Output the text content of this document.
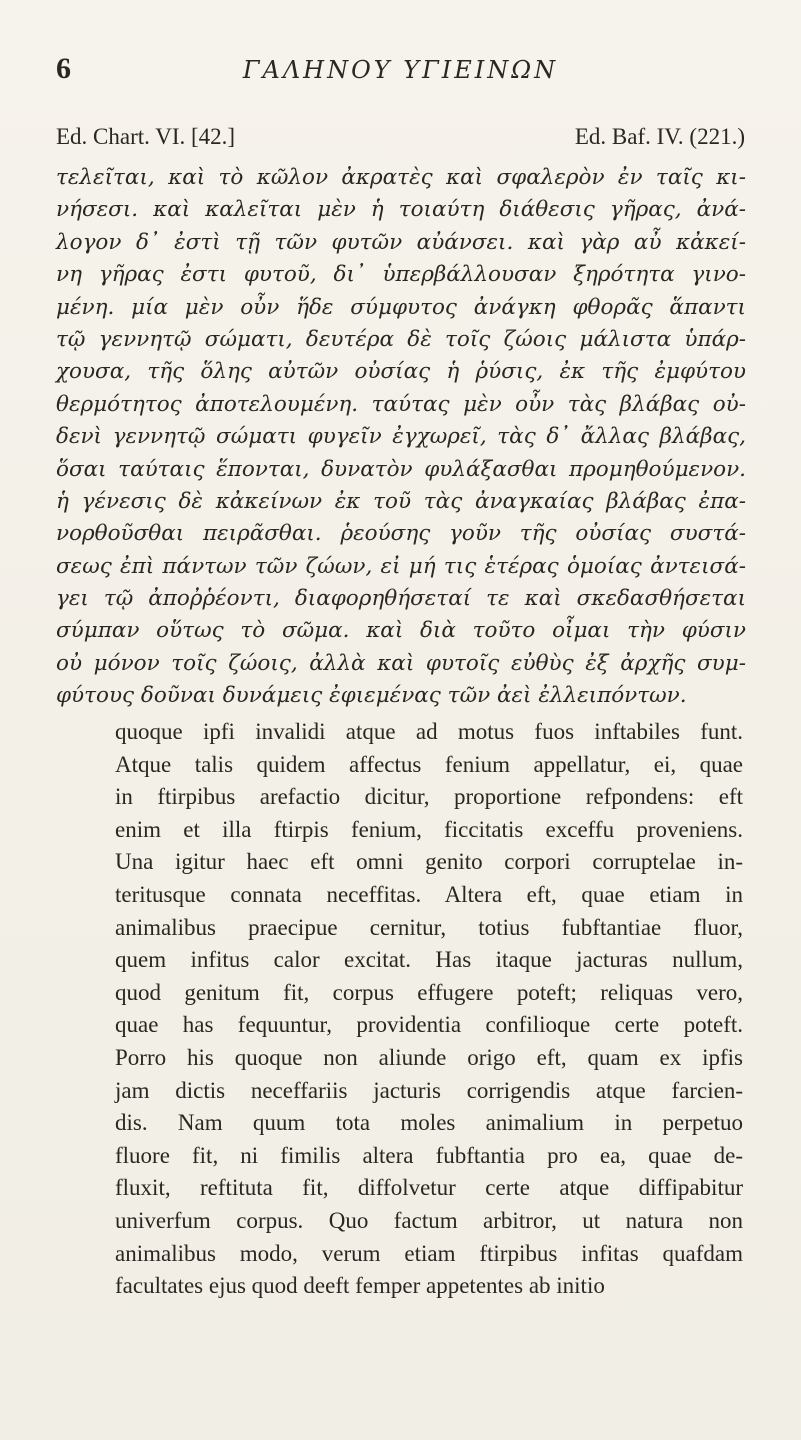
6	ΓΑΛΗΝΟΥ ΥΓΙΕΙΝΩΝ
Ed. Chart. VI. [42.]	Ed. Baf. IV. (221.)
τελεῖται, καὶ τὸ κῶλον ἀκρατὲς καὶ σφαλερὸν ἐν ταῖς κι-
νήσεσι. καὶ καλεῖται μὲν ἡ τοιαύτη διάθεσις γῆρας, ἀνά-
λογον δ᾽ ἐστὶ τῇ τῶν φυτῶν αὐάνσει. καὶ γὰρ αὖ κἀκεί-
νη γῆρας ἐστι φυτοῦ, δι᾽ ὑπερβάλλουσαν ξηρότητα γινο-
μένη. μία μὲν οὖν ἥδε σύμφυτος ἀνάγκη φθορᾶς ἅπαντι
τῷ γεννητῷ σώματι, δευτέρα δὲ τοῖς ζώοις μάλιστα ὑπάρ-
χουσα, τῆς ὅλης αὐτῶν οὐσίας ἡ ῥύσις, ἐκ τῆς ἐμφύτου
θερμότητος ἀποτελουμένη. ταύτας μὲν οὖν τὰς βλάβας οὐ-
δενὶ γεννητῷ σώματι φυγεῖν ἐγχωρεῖ, τὰς δ᾽ ἄλλας βλάβας,
ὅσαι ταύταις ἕπονται, δυνατὸν φυλάξασθαι προμηθούμενον.
ἡ γένεσις δὲ κἀκείνων ἐκ τοῦ τὰς ἀναγκαίας βλάβας ἐπα-
νορθοῦσθαι πειρᾶσθαι. ῥεούσης γοῦν τῆς οὐσίας συστά-
σεως ἐπὶ πάντων τῶν ζώων, εἰ μή τις ἑτέρας ὁμοίας ἀντεισά-
γει τῷ ἀποῤῥέοντι, διαφορηθήσεταί τε καὶ σκεδασθήσεται
σύμπαν οὕτως τὸ σῶμα. καὶ διὰ τοῦτο οἶμαι τὴν φύσιν
οὐ μόνον τοῖς ζώοις, ἀλλὰ καὶ φυτοῖς εὐθὺς ἐξ ἀρχῆς συμ-
φύτους δοῦναι δυνάμεις ἐφιεμένας τῶν ἀεὶ ἐλλειπόντων.
quoque ipfi invalidi atque ad motus fuos inftabiles funt.
Atque talis quidem affectus fenium appellatur, ei, quae
in ftirpibus arefactio dicitur, proportione refpondens: eft
enim et illa ftirpis fenium, ficcitatis exceffu proveniens.
Una igitur haec eft omni genito corpori corruptelae in-
teritusque connata neceffitas. Altera eft, quae etiam in
animalibus praecipue cernitur, totius fubftantiae fluor,
quem infitus calor excitat. Has itaque jacturas nullum,
quod genitum fit, corpus effugere poteft; reliquas vero,
quae has fequuntur, providentia confilioque certe poteft.
Porro his quoque non aliunde origo eft, quam ex ipfis
jam dictis neceffariis jacturis corrigendis atque farcien-
dis. Nam quum tota moles animalium in perpetuo
fluore fit, ni fimilis altera fubftantia pro ea, quae de-
fluxit, reftituta fit, diffolvetur certe atque diffipabitur
univerfum corpus. Quo factum arbitror, ut natura non
animalibus modo, verum etiam ftirpibus infitas quafdam
facultates ejus quod deeft femper appetentes ab initio
